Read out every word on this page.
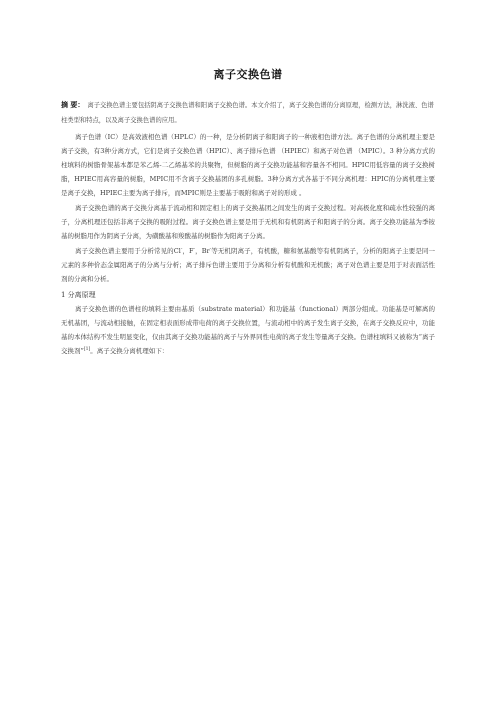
离子交换色谱
摘 要： 离子交换色谱主要包括阴离子交换色谱和阳离子交换色谱。本文介绍了，离子交换色谱的分离原理，检测方法，淋洗液、色谱柱类型和特点，以及离子交换色谱的应用。

离子色谱（IC）是高效液相色谱（HPLC）的一种，是分析阴离子和阳离子的一种液相色谱方法。离子色谱的分离机理主要是离子交换，有3种分离方式，它们是离子交换色谱（HPIC）、离子排斥色谱 （HPIEC）和离子对色谱 （MPIC）。3 种分离方式的柱填料的树脂骨架基本都是苯乙烯-二乙烯基苯的共聚物，但树脂的离子交换功能基和容量各不相同。HPIC用低容量的离子交换树脂，HPIEC用高容量的树脂，MPIC用不含离子交换基团的多孔树脂。3种分离方式各基于不同分离机理：HPIC的分离机理主要是离子交换，HPIEC主要为离子排斥，而MPIC则是主要基于吸附和离子对的形成 。

离子交换色谱的离子交换分离基于流动相和固定相上的离子交换基团之间发生的离子交换过程。对高极化度和疏水性较强的离子，分离机理还包括非离子交换的吸附过程。离子交换色谱主要是用于无机和有机阴离子和阳离子的分离。离子交换功能基为季铵基的树脂用作为阴离子分离，为磺酸基和羧酸基的树脂作为阳离子分离。

离子交换色谱主要用于分析常见的Cl-，F-，Br-等无机阴离子，有机酸，糖和氨基酸等有机阴离子，分析的阳离子主要是同一元素的多种价态金属阳离子的分离与分析；离子排斥色谱主要用于分离和分析有机酸和无机酸；离子对色谱主要是用于对表面活性剂的分离和分析。

1 分离原理

离子交换色谱的色谱柱的填料主要由基质（substrate material）和功能基（functional）两部分组成。功能基是可解离的无机基团，与流动相接触，在固定相表面形成带电荷的离子交换位置，与流动相中的离子发生离子交换，在离子交换反应中，功能基的本体结构不发生明显变化，仅由其离子交换功能基的离子与外界同性电荷的离子发生等量离子交换。色谱柱填料又被称为“离子交换剂”[1]。离子交换分离机理如下：
